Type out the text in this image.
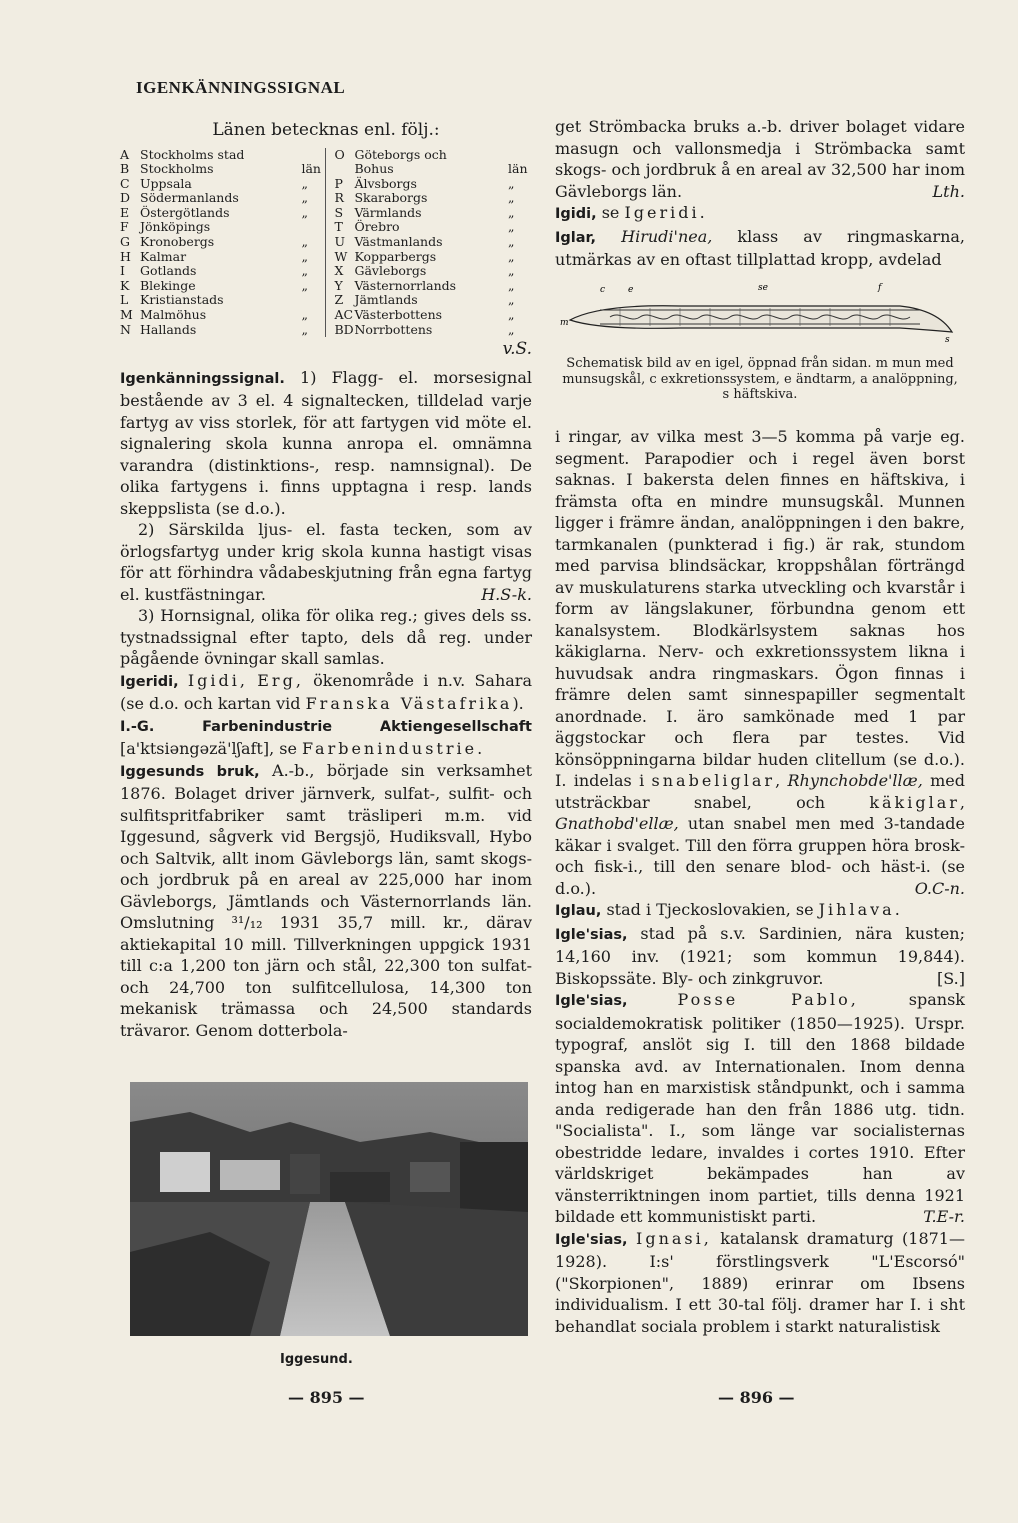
IGENKÄNNINGSSIGNAL
Länen betecknas enl. följ.:
A Stockholms stad
B Stockholms	län
C Uppsala	„
D Södermanlands	„
E Östergötlands	„
F Jönköpings
G Kronobergs	„
H Kalmar	„
I	Gotlands	„
K Blekinge	„
L Kristianstads
M Malmöhus	„
N Hallands	„
O Göteborgs och
Bohus	län
P Älvsborgs	„
R Skaraborgs	„
S Värmlands	„
T Örebro	„
U Västmanlands	„
W Kopparbergs	„
X Gävleborgs	„
Y Västernorrlands	„
Z Jämtlands	„
AC Västerbottens	„
BD Norrbottens	„
v.S.

Igenkänningssignal. 1) Flagg- el. morsesignal bestående av 3 el. 4 signaltecken, tilldelad varje fartyg av viss storlek, för att fartygen vid möte el. signalering skola kunna anropa el. omnämna varandra (distinktions-, resp. namnsignal). De olika fartygens i. finns upptagna i resp. lands skeppslista (se d.o.).

2) Särskilda ljus- el. fasta tecken, som av örlogsfartyg under krig skola kunna hastigt visas för att förhindra vådabeskjutning från egna fartyg el. kustfästningar.	H.S-k.

3) Hornsignal, olika för olika reg.; gives dels ss. tystnadssignal efter tapto, dels då reg. under pågående övningar skall samlas.

Igeridi, Igidi, Erg, ökenområde i n.v. Sahara (se d.o. och kartan vid Franska Västafrika).

I.-G. Farbenindustrie Aktiengesellschaft [a'ktsiəngəzä'lʃaft], se Farbenindustrie.

Iggesunds bruk, A.-b., började sin verksamhet 1876. Bolaget driver järnverk, sulfat-, sulfit- och sulfitspritfabriker samt träsliperi m.m. vid Iggesund, sågverk vid Bergsjö, Hudiksvall, Hybo och Saltvik, allt inom Gävleborgs län, samt skogs- och jordbruk på en areal av 225,000 har inom Gävleborgs, Jämtlands och Västernorrlands län. Omslutning ³¹/₁₂ 1931 35,7 mill. kr., därav aktiekapital 10 mill. Tillverkningen uppgick 1931 till c:a 1,200 ton järn och stål, 22,300 ton sulfat- och 24,700 ton sulfitcellulosa, 14,300 ton mekanisk trämassa och 24,500 standards trävaror. Genom dotterbola-

Iggesund.
— 895 —

get Strömbacka bruks a.-b. driver bolaget vidare masugn och vallonsmedja i Strömbacka samt skogs- och jordbruk å en areal av 32,500 har inom Gävleborgs län.	Lth.

Igidi, se Igeridi.

Iglar, Hirudi'nea, klass av ringmaskarna, utmärkas av en oftast tillplattad kropp, avdelad

c	e	se	f
m
s
Schematisk bild av en igel, öppnad från sidan. m mun med munsugskål, c exkretionssystem, e ändtarm, a analöppning, s häftskiva.

i ringar, av vilka mest 3—5 komma på varje eg. segment. Parapodier och i regel även borst saknas. I bakersta delen finnes en häftskiva, i främsta ofta en mindre munsugskål. Munnen ligger i främre ändan, analöppningen i den bakre, tarmkanalen (punkterad i fig.) är rak, stundom med parvisa blindsäckar, kroppshålan förträngd av muskulaturens starka utveckling och kvarstår i form av längslakuner, förbundna genom ett kanalsystem. Blodkärlsystem saknas hos käkiglarna. Nerv- och exkretionssystem likna i huvudsak andra ringmaskars. Ögon finnas i främre delen samt sinnespapiller segmentalt anordnade. I. äro samkönade med 1 par äggstockar och flera par testes. Vid könsöppningarna bildar huden clitellum (se d.o.). I. indelas i snabeliglar, Rhynchobde'llæ, med utsträckbar snabel, och käkiglar, Gnathobd'ellæ, utan snabel men med 3-tandade käkar i svalget. Till den förra gruppen höra brosk- och fisk-i., till den senare blod- och häst-i. (se d.o.).	O.C-n.

Iglau, stad i Tjeckoslovakien, se Jihlava.

Igle'sias, stad på s.v. Sardinien, nära kusten; 14,160 inv. (1921; som kommun 19,844). Biskopssäte. Bly- och zinkgruvor.	[S.]

Igle'sias,	Posse Pablo, spansk socialdemokratisk politiker (1850—1925). Urspr. typograf, anslöt sig I. till den 1868 bildade spanska avd. av Internationalen. Inom denna intog han en marxistisk ståndpunkt, och i samma anda redigerade han den från 1886 utg. tidn. "Socialista". I., som länge var socialisternas obestridde ledare, invaldes i cortes 1910. Efter världskriget bekämpades han av vänsterriktningen inom partiet, tills denna 1921 bildade ett kommunistiskt parti.	T.E-r.

Igle'sias, Ignasi, katalansk dramaturg (1871—1928). I:s' förstlingsverk "L'Escorsó" ("Skorpionen", 1889) erinrar om Ibsens individualism. I ett 30-tal följ. dramer har I. i sht behandlat sociala problem i starkt naturalistisk

— 896 —
